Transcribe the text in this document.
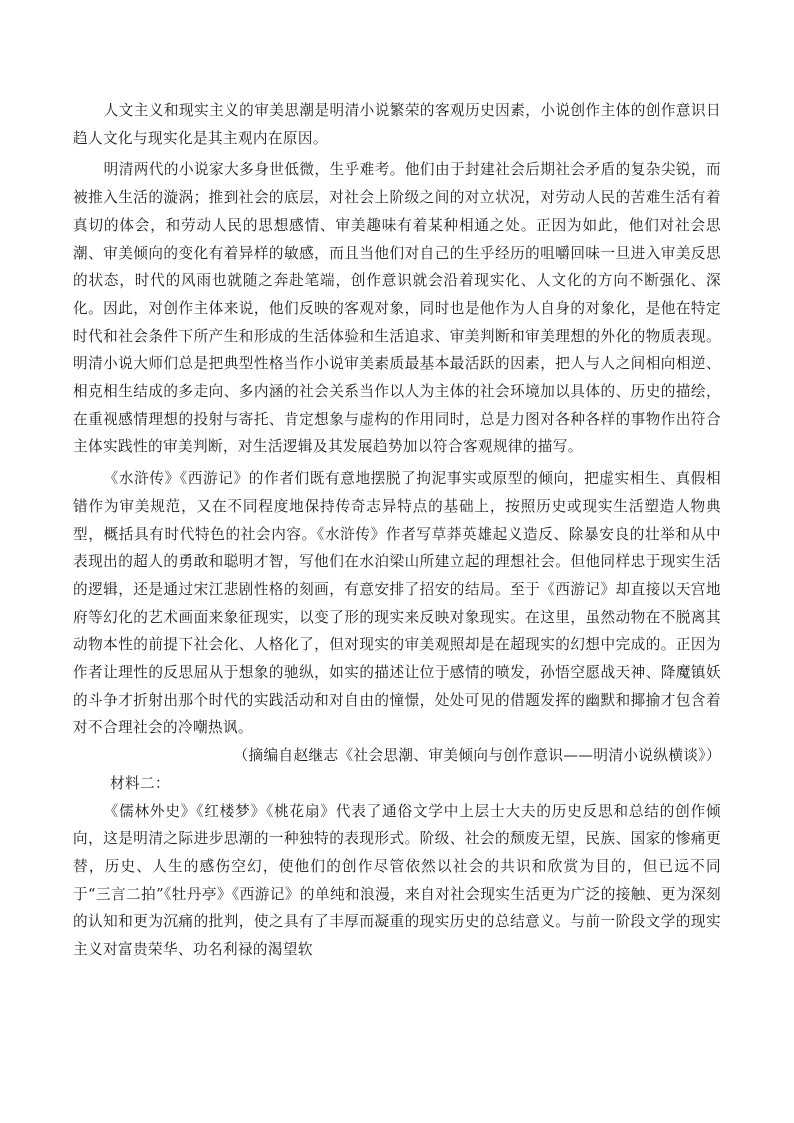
人文主义和现实主义的审美思潮是明清小说繁荣的客观历史因素，小说创作主体的创作意识日趋人文化与现实化是其主观内在原因。

明清两代的小说家大多身世低微，生乎难考。他们由于封建社会后期社会矛盾的复杂尖锐，而被推入生活的漩涡；推到社会的底层，对社会上阶级之间的对立状况，对劳动人民的苦难生活有着真切的体会，和劳动人民的思想感情、审美趣味有着某种相通之处。正因为如此，他们对社会思潮、审美倾向的变化有着异样的敏感，而且当他们对自己的生乎经历的咀嚼回味一旦进入审美反思的状态，时代的风雨也就随之奔赴笔端，创作意识就会沿着现实化、人文化的方向不断强化、深化。因此，对创作主体来说，他们反映的客观对象，同时也是他作为人自身的对象化，是他在特定时代和社会条件下所产生和形成的生活体验和生活追求、审美判断和审美理想的外化的物质表现。明清小说大师们总是把典型性格当作小说审美素质最基本最活跃的因素，把人与人之间相向相逆、相克相生结成的多走向、多内涵的社会关系当作以人为主体的社会环境加以具体的、历史的描绘，在重视感情理想的投射与寄托、肯定想象与虚构的作用同时，总是力图对各种各样的事物作出符合主体实践性的审美判断，对生活逻辑及其发展趋势加以符合客观规律的描写。

《水浒传》《西游记》的作者们既有意地摆脱了拘泥事实或原型的倾向，把虚实相生、真假相错作为审美规范，又在不同程度地保持传奇志异特点的基础上，按照历史或现实生活塑造人物典型，概括具有时代特色的社会内容。《水浒传》作者写草莽英雄起义造反、除暴安良的壮举和从中表现出的超人的勇敢和聪明才智，写他们在水泊梁山所建立起的理想社会。但他同样忠于现实生活的逻辑，还是通过宋江悲剧性格的刻画，有意安排了招安的结局。至于《西游记》却直接以天宫地府等幻化的艺术画面来象征现实，以变了形的现实来反映对象现实。在这里，虽然动物在不脱离其动物本性的前提下社会化、人格化了，但对现实的审美观照却是在超现实的幻想中完成的。正因为作者让理性的反思屈从于想象的驰纵，如实的描述让位于感情的喷发，孙悟空愿战天神、降魔镇妖的斗争才折射出那个时代的实践活动和对自由的憧憬，处处可见的借题发挥的幽默和揶揄才包含着对不合理社会的冷嘲热讽。

（摘编自赵继志《社会思潮、审美倾向与创作意识——明清小说纵横谈》）

材料二：

《儒林外史》《红楼梦》《桃花扇》代表了通俗文学中上层士大夫的历史反思和总结的创作倾向，这是明清之际进步思潮的一种独特的表现形式。阶级、社会的颓废无望，民族、国家的惨痛更替，历史、人生的感伤空幻，使他们的创作尽管依然以社会的共识和欣赏为目的，但已远不同于“三言二拍”《牡丹亭》《西游记》的单纯和浪漫，来自对社会现实生活更为广泛的接触、更为深刻的认知和更为沉痛的批判，使之具有了丰厚而凝重的现实历史的总结意义。与前一阶段文学的现实主义对富贵荣华、功名利禄的渴望软
